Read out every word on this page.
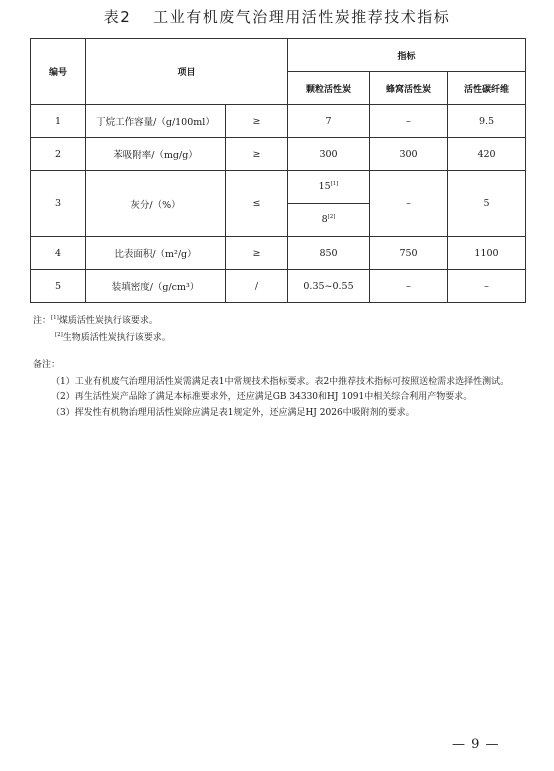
表2 工业有机废气治理用活性炭推荐技术指标
编号	项目		指标		
			颗粒活性炭	蜂窝活性炭	活性碳纤维
1	丁烷工作容量/（g/100ml）	≥	7	–	9.5
2	苯吸附率/（mg/g）	≥	300	300	420
3	灰分/（%）	≤	15[1]	–	5
			8[2]
4	比表面积/（m²/g）	≥	850	750	1100
5	装填密度/（g/cm³）	/	0.35~0.55	–	–
注：[1]煤质活性炭执行该要求。
[2]生物质活性炭执行该要求。

备注：

（1）工业有机废气治理用活性炭需满足表1中常规技术指标要求。表2中推荐技术指标可按照送检需求选择性测试。

（2）再生活性炭产品除了满足本标准要求外，还应满足GB 34330和HJ 1091中相关综合利用产物要求。

（3）挥发性有机物治理用活性炭除应满足表1规定外，还应满足HJ 2026中吸附剂的要求。

— 9 —
